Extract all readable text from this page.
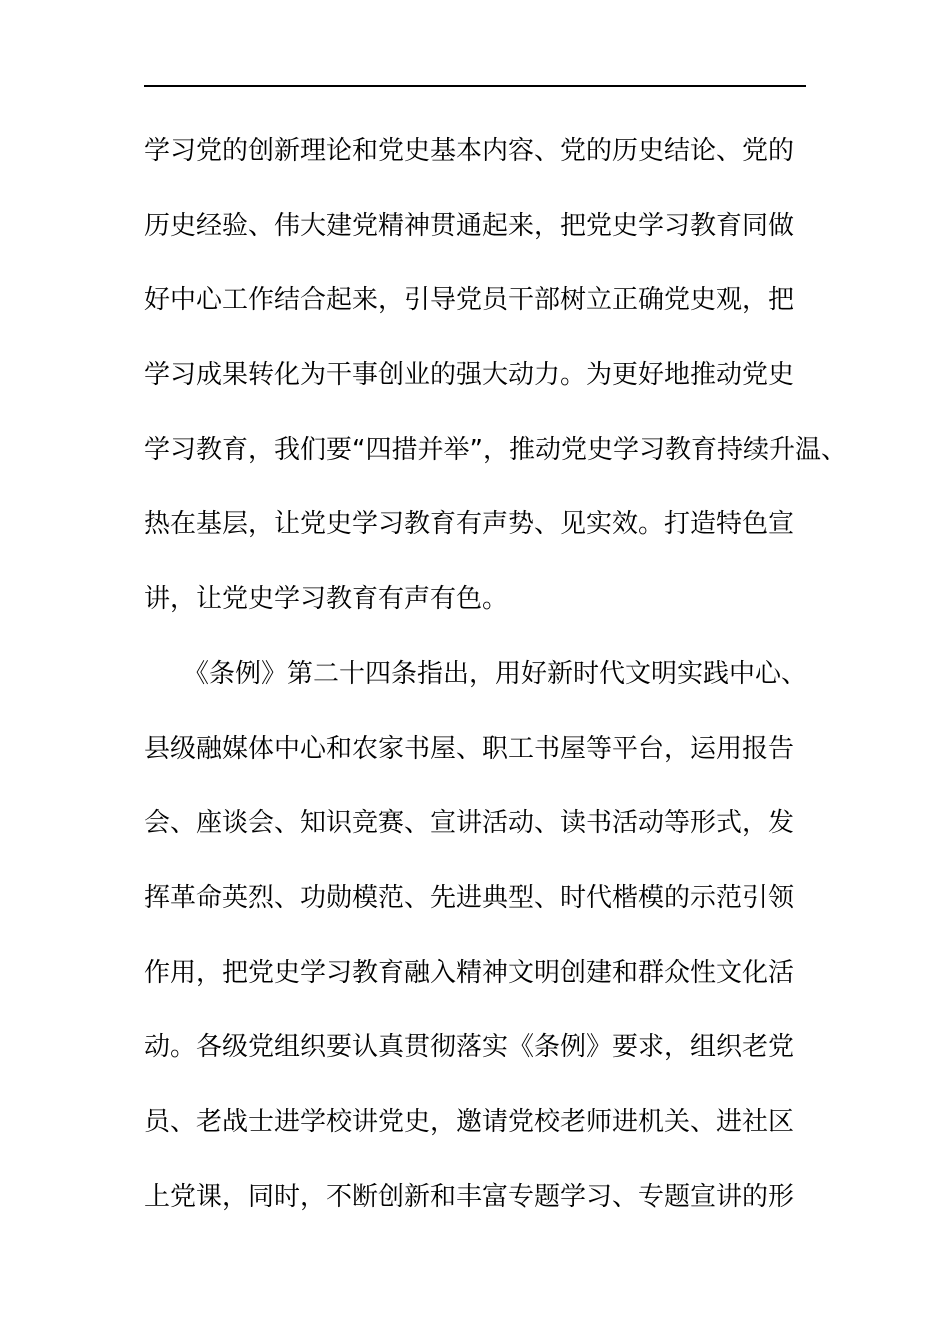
学习党的创新理论和党史基本内容、党的历史结论、党的
历史经验、伟大建党精神贯通起来，把党史学习教育同做
好中心工作结合起来，引导党员干部树立正确党史观，把
学习成果转化为干事创业的强大动力。为更好地推动党史
学习教育，我们要“四措并举”，推动党史学习教育持续升温、
热在基层，让党史学习教育有声势、见实效。打造特色宣
讲，让党史学习教育有声有色。
　　《条例》第二十四条指出，用好新时代文明实践中心、
县级融媒体中心和农家书屋、职工书屋等平台，运用报告
会、座谈会、知识竞赛、宣讲活动、读书活动等形式，发
挥革命英烈、功勋模范、先进典型、时代楷模的示范引领
作用，把党史学习教育融入精神文明创建和群众性文化活
动。各级党组织要认真贯彻落实《条例》要求，组织老党
员、老战士进学校讲党史，邀请党校老师进机关、进社区
上党课，同时，不断创新和丰富专题学习、专题宣讲的形
